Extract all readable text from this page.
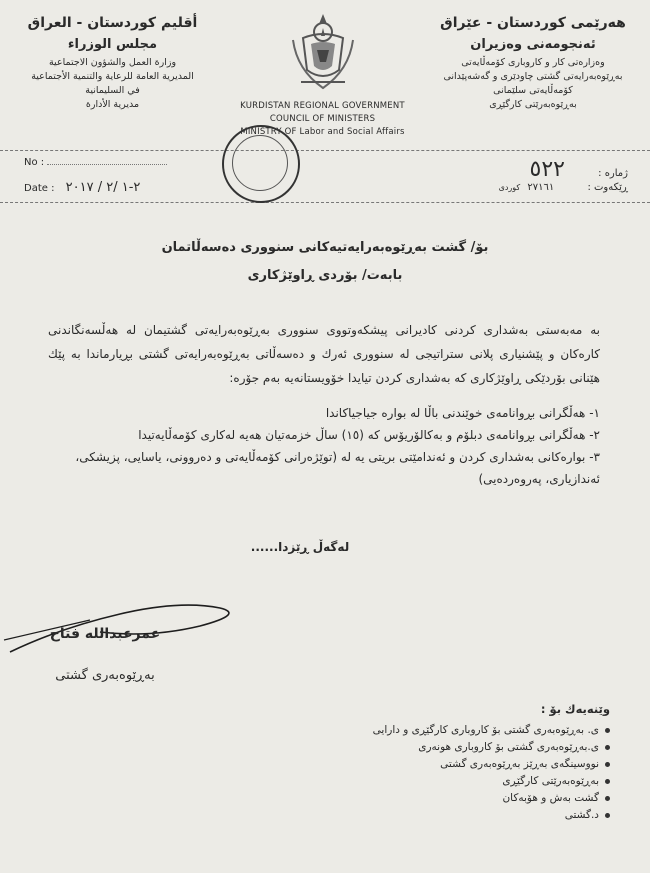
أقليم كوردستان - العراق

مجلس الوزراء

وزارة العمل والشؤون الاجتماعية

المديرية العامة للرعاية والتنمية الأجتماعية

في السليمانية

مديرية الأدارة	KURDISTAN REGIONAL GOVERNMENT

COUNCIL OF MINISTERS

MINISTRY OF Labor and Social Affairs

هەرێمی كوردستان - عێراق

ئەنجومەنی وەزیران

وەزارەتی كار و كاروباری كۆمەڵایەتی

بەڕێوەبەرایەتی گشتی چاودێری و گەشەپێدانی

كۆمەڵایەتی سلێمانی

بەڕێوەبەرێتی كارگێڕی

No :
Date : ٢-١ /٢ / ٢٠١٧
ژمارە : ٥٢٢
ڕێكەوت : ٢٧١٦١ كوردی
بۆ/ گشت بەڕێوەبەرایەتیەكانی سنووری دەسەڵاتمان
بابەت/ بۆردی ڕاوێژكاری
بە مەبەستی بەشداری كردنی كادیرانی پیشكەوتووی سنووری بەڕێوەبەرایەتی گشتیمان لە هەڵسەنگاندنی كارەكان و پێشنیاری پلانی ستراتیجی لە سنووری ئەرك و دەسەڵاتی بەڕێوەبەرایەتی گشتی بڕیارماندا بە پێك هێنانی بۆردێكی ڕاوێژكاری كە بەشداری كردن تیایدا خۆویستانەیە بەم جۆرە:
١- هەڵگرانی بڕوانامەی خوێندنی باڵا لە بوارە جیاجیاكاندا
٢- هەڵگرانی بڕوانامەی دبلۆم و بەكالۆریۆس كە (١٥) ساڵ خزمەتیان هەیە لەكاری كۆمەڵایەتیدا
٣- بوارەكانی بەشداری كردن و ئەندامێتی بریتی یە لە (توێژەرانی كۆمەڵایەتی و دەروونی، یاسایی، پزیشكی، ئەندازیاری، پەروەردەیی)
لەگەڵ ڕێزدا......
عمرعبدالله فتاح
بەڕێوەبەری گشتی
وێنەیەك بۆ :
ى. بەڕێوەبەری گشتی بۆ كاروباری كارگێڕی و دارایی
ى.بەڕێوەبەری گشتی بۆ كاروباری هونەری
نووسینگەی بەڕێز بەڕێوەبەری گشتی
بەڕێوەبەرێتی كارگێڕی
گشت بەش و هۆبەكان
د.گشتی
